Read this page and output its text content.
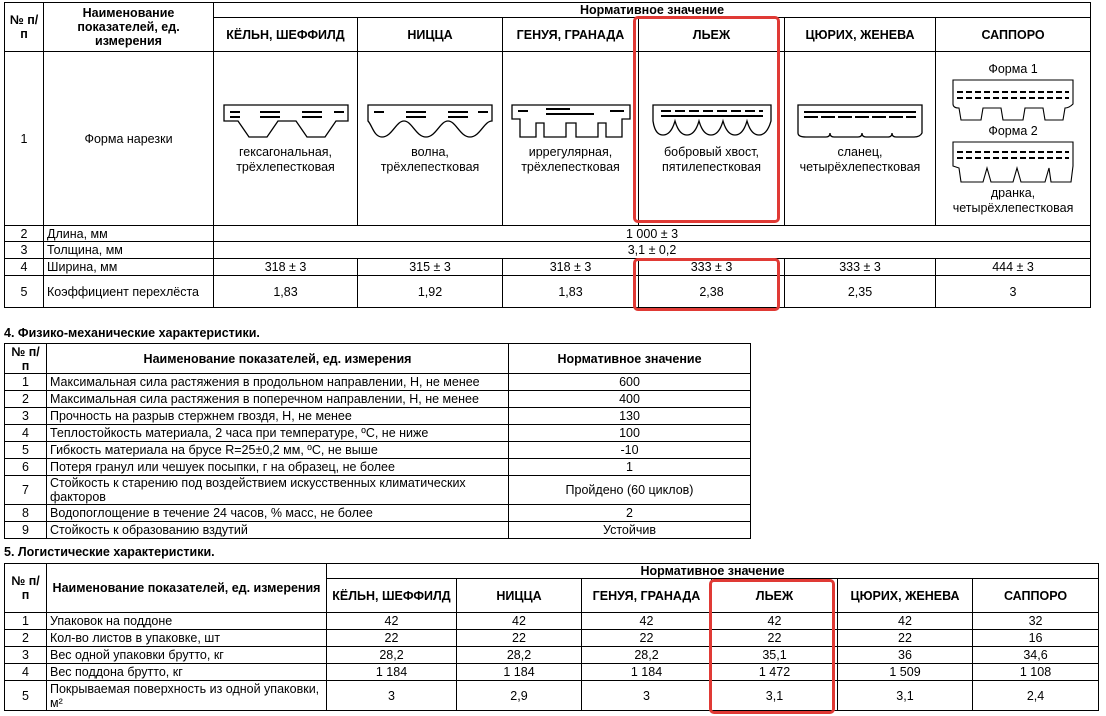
№ п/п	Наименование показателей, ед. измерения	Нормативное значение					
		КЁЛЬН, ШЕФФИЛД	НИЦЦА	ГЕНУЯ, ГРАНАДА	ЛЬЕЖ	ЦЮРИХ, ЖЕНЕВА	САППОРО
1	Форма нарезки	гексагональная, трёхлепестковая	волна, трёхлепестковая	иррегулярная, трёхлепестковая	бобровый хвост, пятилепестковая	сланец, четырёхлепестковая	Форма 1
Форма 2
дранка, четырёхлепестковая

2	Длина, мм	1 000 ± 3					
3	Толщина, мм	3,1 ± 0,2					
4	Ширина, мм	318 ± 3	315 ± 3	318 ± 3	333 ± 3	333 ± 3	444 ± 3
5	Коэффициент перехлёста	1,83	1,92	1,83	2,38	2,35	3
4. Физико-механические характеристики.
№ п/п	Наименование показателей, ед. измерения	Нормативное значение
1	Максимальная сила растяжения в продольном направлении, Н, не менее	600
2	Максимальная сила растяжения в поперечном направлении, Н, не менее	400
3	Прочность на разрыв стержнем гвоздя, Н, не менее	130
4	Теплостойкость материала, 2 часа при температуре, ºС, не ниже	100
5	Гибкость материала на брусе R=25±0,2 мм, ºС, не выше	-10
6	Потеря гранул или чешуек посыпки, г на образец, не более	1
7	Стойкость к старению под воздействием искусственных климатических факторов	Пройдено (60 циклов)
8	Водопоглощение в течение 24 часов, % масс, не более	2
9	Стойкость к образованию вздутий	Устойчив
5. Логистические характеристики.
№ п/п	Наименование показателей, ед. измерения	Нормативное значение					
		КЁЛЬН, ШЕФФИЛД	НИЦЦА	ГЕНУЯ, ГРАНАДА	ЛЬЕЖ	ЦЮРИХ, ЖЕНЕВА	САППОРО
1	Упаковок на поддоне	42	42	42	42	42	32
2	Кол-во листов в упаковке, шт	22	22	22	22	22	16
3	Вес одной упаковки брутто, кг	28,2	28,2	28,2	35,1	36	34,6
4	Вес поддона брутто, кг	1 184	1 184	1 184	1 472	1 509	1 108
5	Покрываемая поверхность из одной упаковки, м²	3	2,9	3	3,1	3,1	2,4
